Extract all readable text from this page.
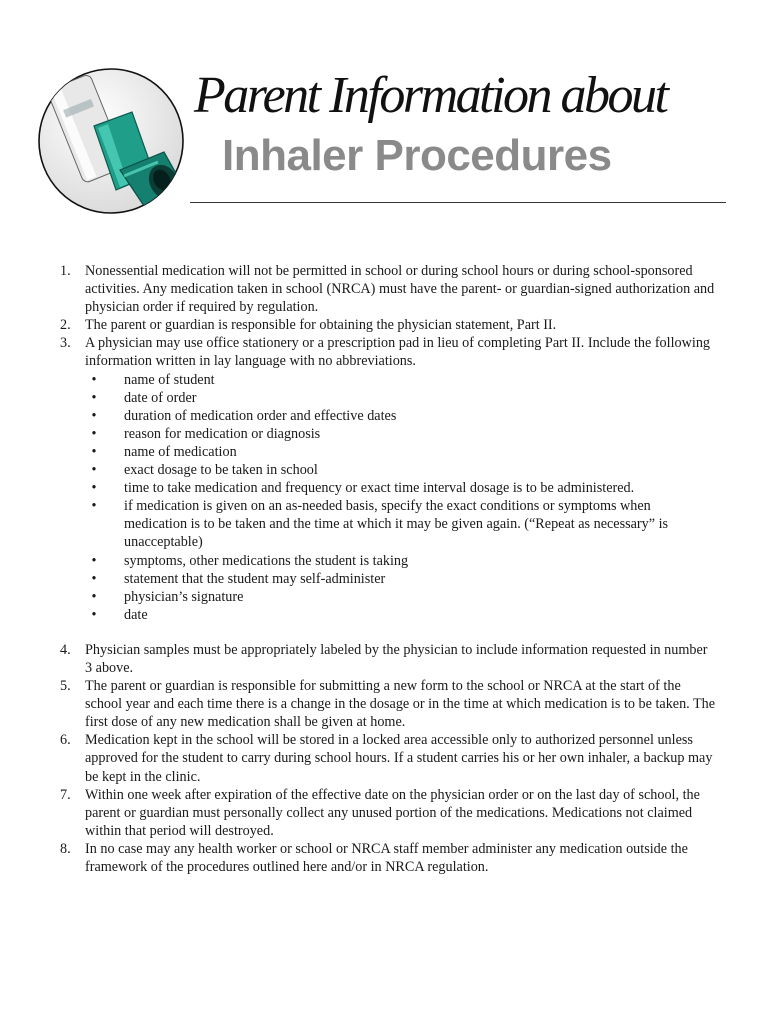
Parent Information about
Inhaler Procedures
1.	Nonessential medication will not be permitted in school or during school hours or during school-sponsored activities. Any medication taken in school (NRCA) must have the parent- or guardian-signed authorization and physician order if required by regulation.
2.	The parent or guardian is responsible for obtaining the physician statement, Part II.
3.	A physician may use office stationery or a prescription pad in lieu of completing Part II. Include the following information written in lay language with no abbreviations.
•	name of student
•	date of order
•	duration of medication order and effective dates
•	reason for medication or diagnosis
•	name of medication
•	exact dosage to be taken in school
•	time to take medication and frequency or exact time interval dosage is to be administered.
•	if medication is given on an as-needed basis, specify the exact conditions or symptoms when medication is to be taken and the time at which it may be given again. (“Repeat as necessary” is unacceptable)
•	symptoms, other medications the student is taking
•	statement that the student may self-administer
•	physician’s signature
•	date
4.	Physician samples must be appropriately labeled by the physician to include information requested in number 3 above.
5.	The parent or guardian is responsible for submitting a new form to the school or NRCA at the start of the school year and each time there is a change in the dosage or in the time at which medication is to be taken. The first dose of any new medication shall be given at home.
6.	Medication kept in the school will be stored in a locked area accessible only to authorized personnel unless approved for the student to carry during school hours. If a student carries his or her own inhaler, a backup may be kept in the clinic.
7.	Within one week after expiration of the effective date on the physician order or on the last day of school, the parent or guardian must personally collect any unused portion of the medications. Medications not claimed within that period will destroyed.
8.	In no case may any health worker or school or NRCA staff member administer any medication outside the framework of the procedures outlined here and/or in NRCA regulation.
